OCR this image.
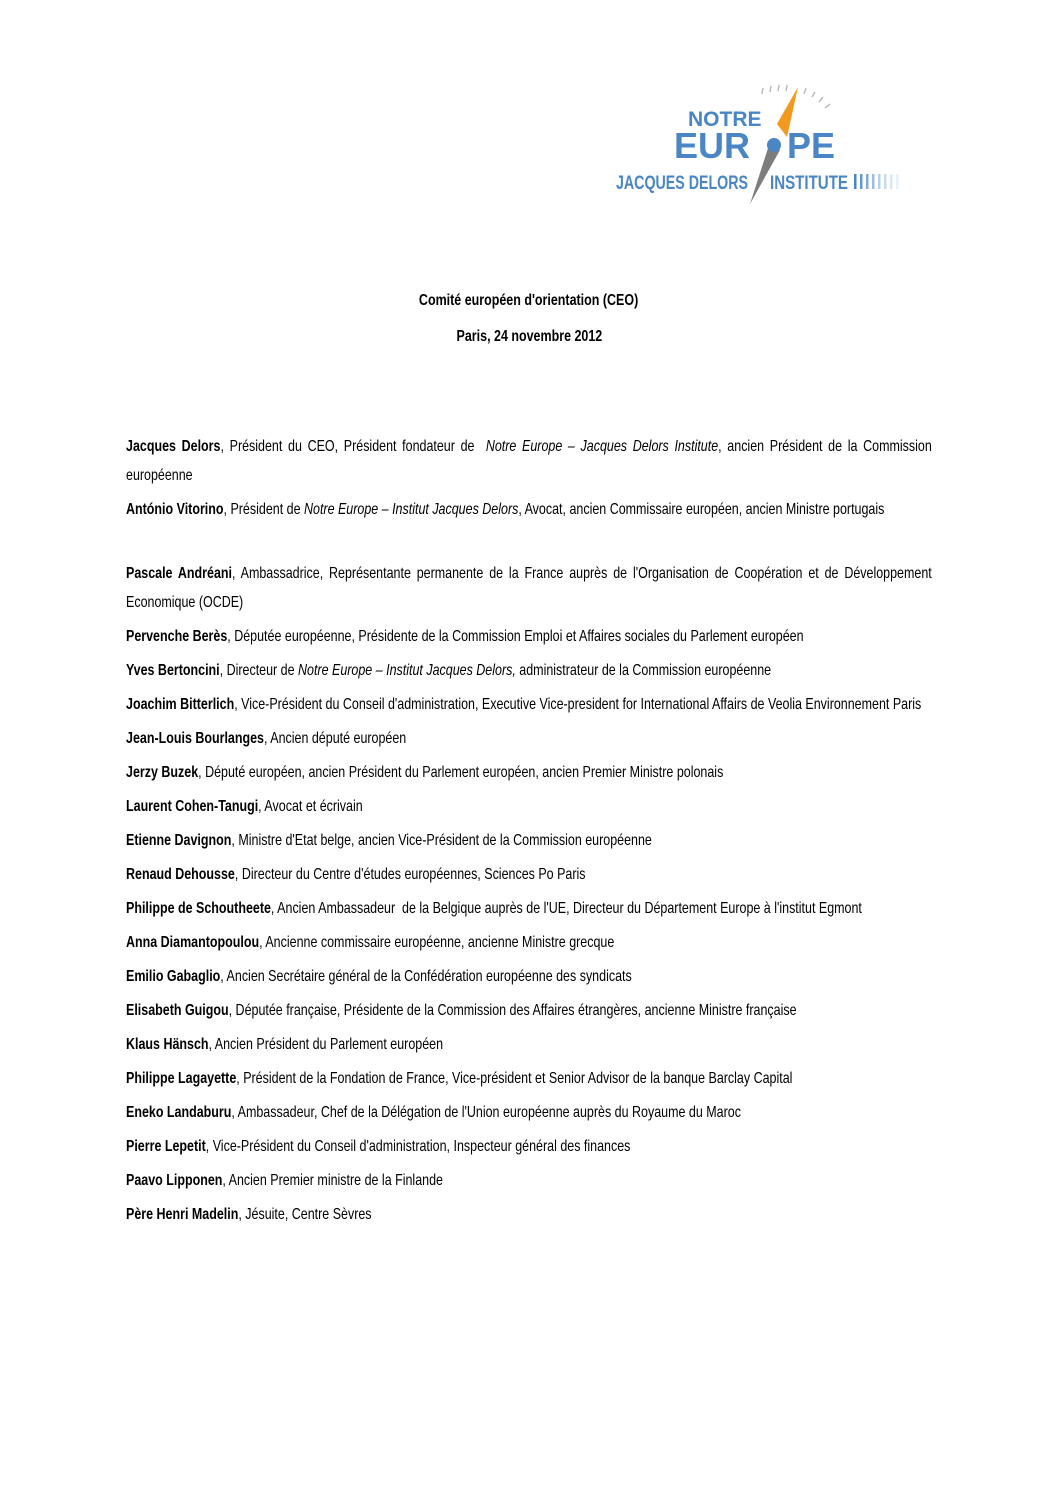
NOTRE
EUR PE
JACQUES DELORS INSTITUTE
Comité européen d'orientation (CEO)
Paris, 24 novembre 2012

Jacques Delors, Président du CEO, Président fondateur de  Notre Europe – Jacques Delors Institute, ancien Président de la Commission européenne

António Vitorino, Président de Notre Europe – Institut Jacques Delors, Avocat, ancien Commissaire européen, ancien Ministre portugais

Pascale Andréani, Ambassadrice, Représentante permanente de la France auprès de l'Organisation de Coopération et de Développement Economique (OCDE)

Pervenche Berès, Députée européenne, Présidente de la Commission Emploi et Affaires sociales du Parlement européen

Yves Bertoncini, Directeur de Notre Europe – Institut Jacques Delors, administrateur de la Commission européenne

Joachim Bitterlich, Vice-Président du Conseil d'administration, Executive Vice-president for International Affairs de Veolia Environnement Paris

Jean-Louis Bourlanges, Ancien député européen

Jerzy Buzek, Député européen, ancien Président du Parlement européen, ancien Premier Ministre polonais

Laurent Cohen-Tanugi, Avocat et écrivain

Etienne Davignon, Ministre d'Etat belge, ancien Vice-Président de la Commission européenne

Renaud Dehousse, Directeur du Centre d'études européennes, Sciences Po Paris

Philippe de Schoutheete, Ancien Ambassadeur  de la Belgique auprès de l'UE, Directeur du Département Europe à l'institut Egmont

Anna Diamantopoulou, Ancienne commissaire européenne, ancienne Ministre grecque

Emilio Gabaglio, Ancien Secrétaire général de la Confédération européenne des syndicats

Elisabeth Guigou, Députée française, Présidente de la Commission des Affaires étrangères, ancienne Ministre française

Klaus Hänsch, Ancien Président du Parlement européen

Philippe Lagayette, Président de la Fondation de France, Vice-président et Senior Advisor de la banque Barclay Capital

Eneko Landaburu, Ambassadeur, Chef de la Délégation de l'Union européenne auprès du Royaume du Maroc

Pierre Lepetit, Vice-Président du Conseil d'administration, Inspecteur général des finances

Paavo Lipponen, Ancien Premier ministre de la Finlande

Père Henri Madelin, Jésuite, Centre Sèvres
